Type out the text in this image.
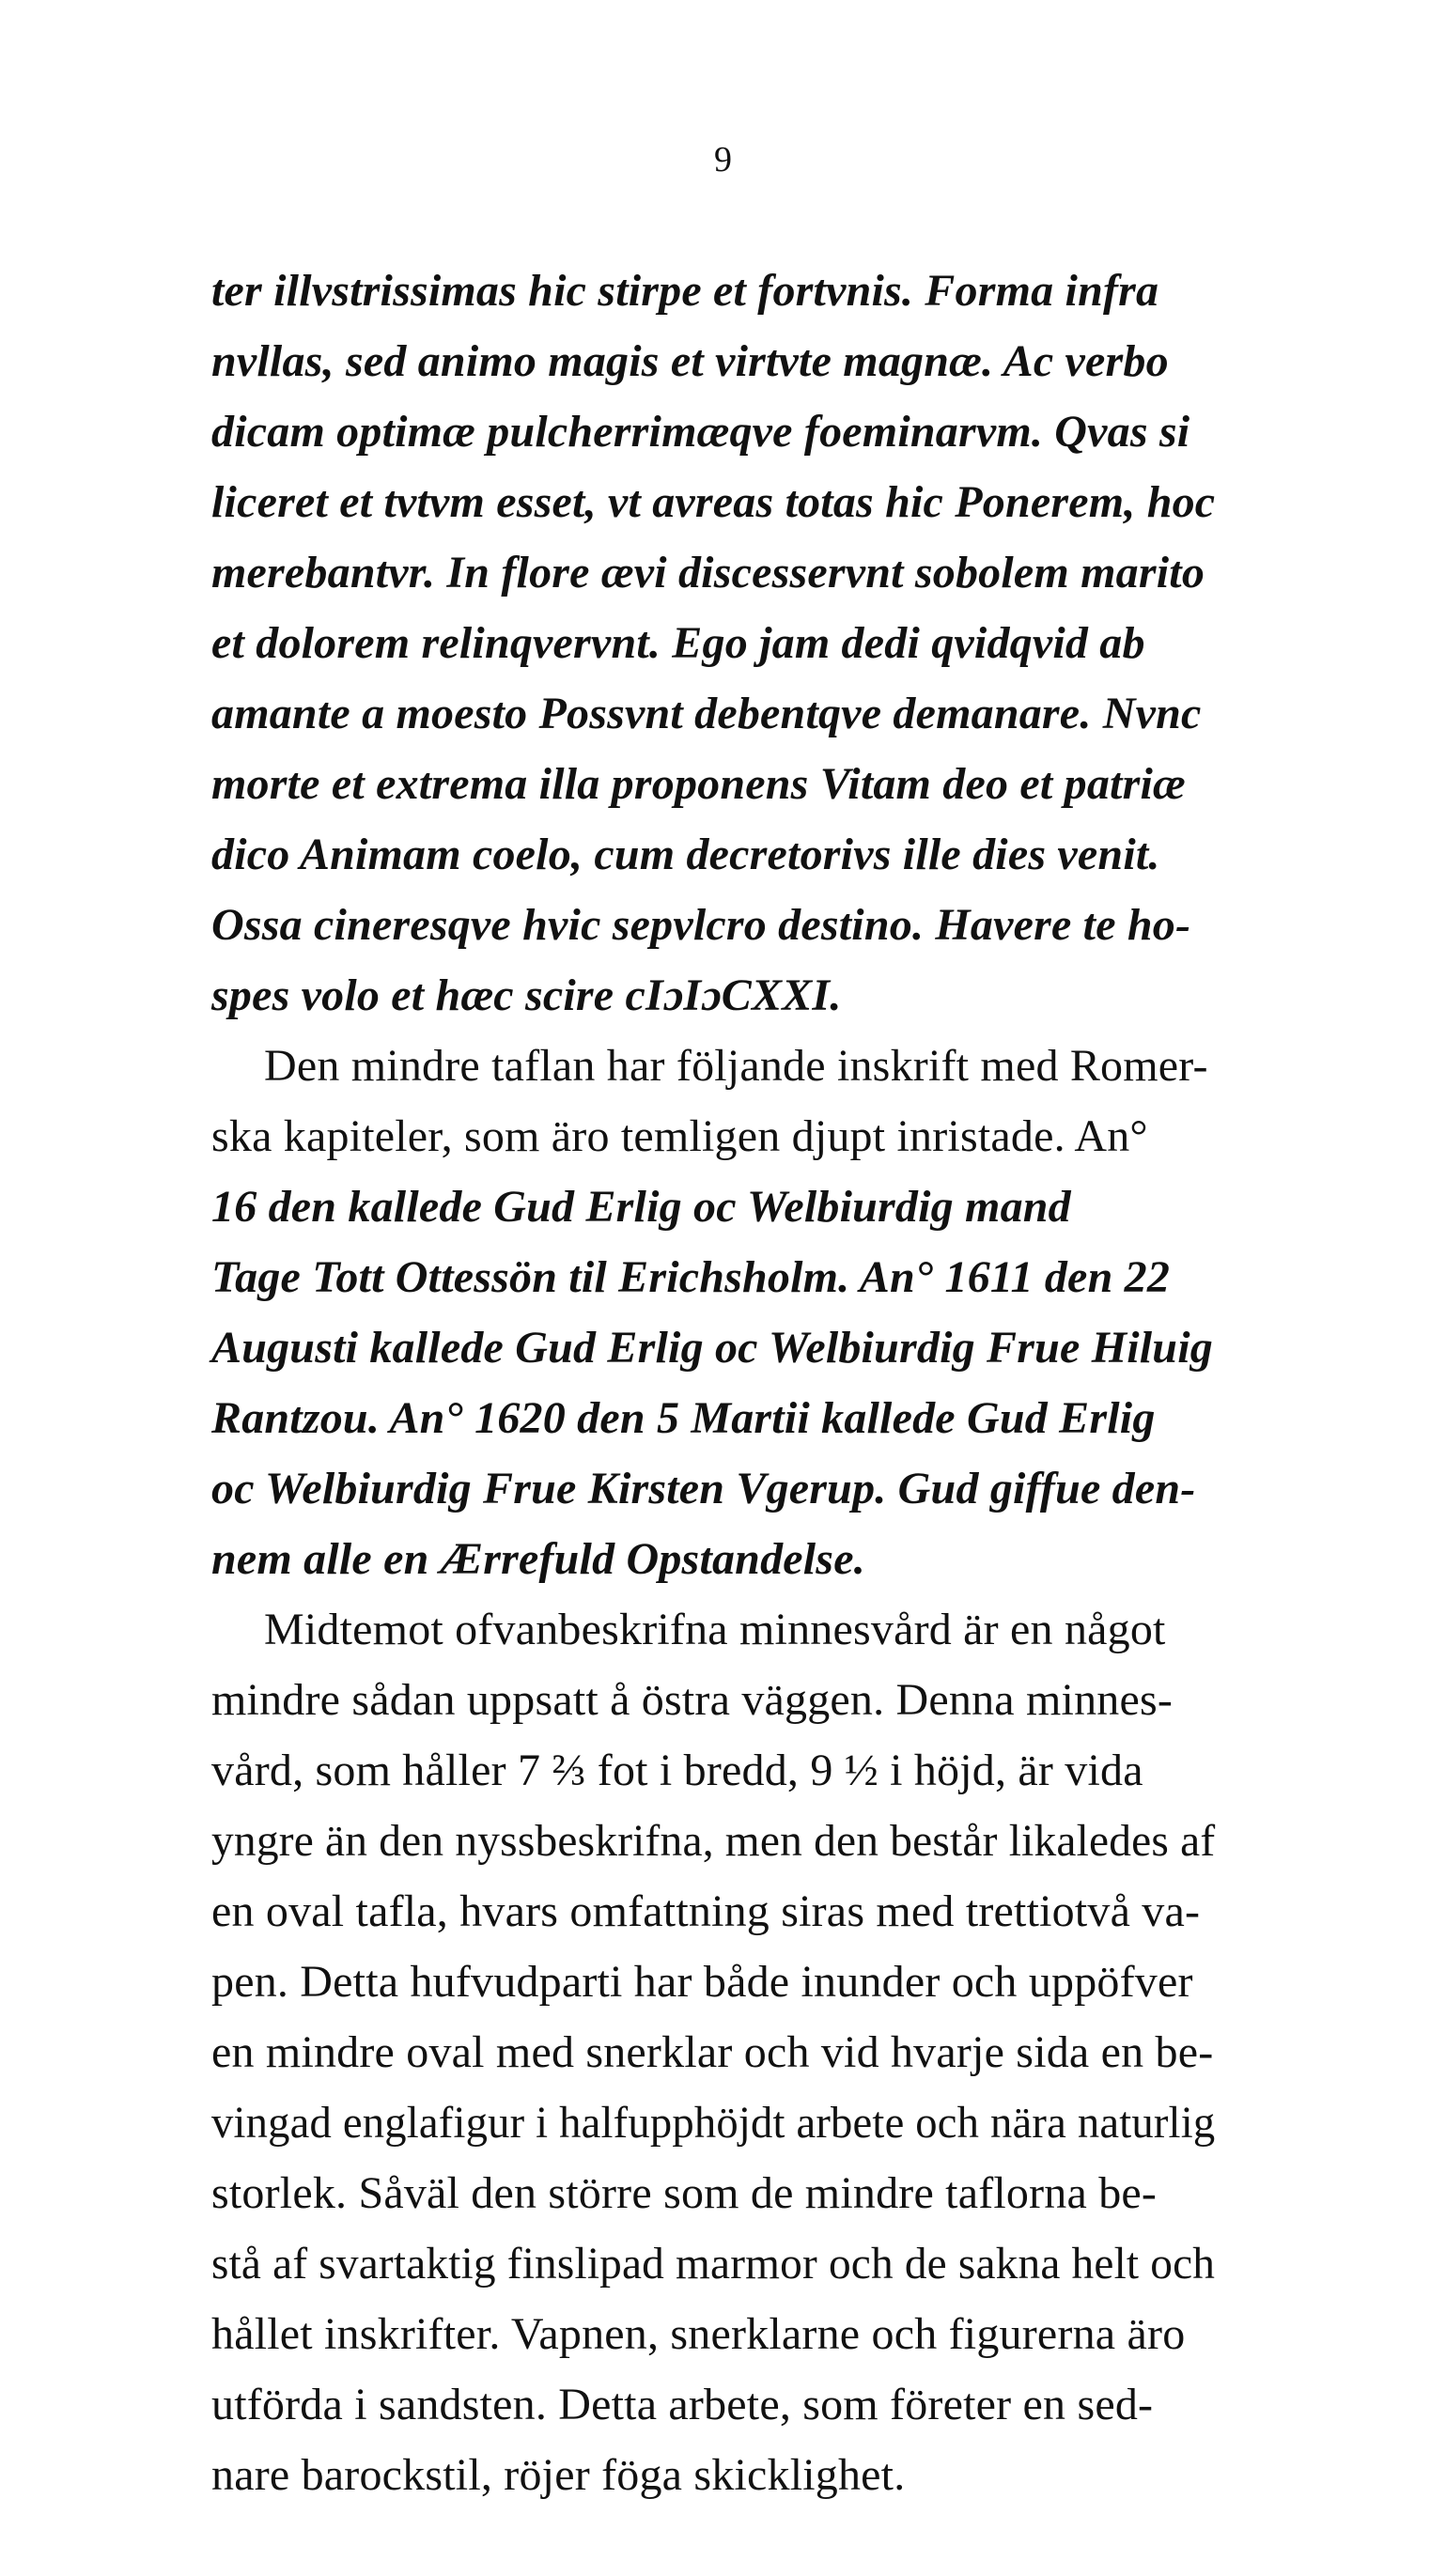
9
ter illvstrissimas hic stirpe et fortvnis. Forma infra
nvllas, sed animo magis et virtvte magnæ. Ac verbo
dicam optimæ pulcherrimæqve foeminarvm. Qvas si
liceret et tvtvm esset, vt avreas totas hic Ponerem, hoc
merebantvr. In flore ævi discesservnt sobolem marito
et dolorem relinqvervnt. Ego jam dedi qvidqvid ab
amante a moesto Possvnt debentqve demanare. Nvnc
morte et extrema illa proponens Vitam deo et patriæ
dico Animam coelo, cum decretorivs ille dies venit.
Ossa cineresqve hvic sepvlcro destino. Havere te ho-
spes volo et hæc scire cIɔIɔCXXI.
Den mindre taflan har följande inskrift med Romer-
ska kapiteler, som äro temligen djupt inristade. An°
16 den kallede Gud Erlig oc Welbiurdig mand
Tage Tott Ottessön til Erichsholm. An° 1611 den 22
Augusti kallede Gud Erlig oc Welbiurdig Frue Hiluig
Rantzou. An° 1620 den 5 Martii kallede Gud Erlig
oc Welbiurdig Frue Kirsten Vgerup. Gud giffue den-
nem alle en Ærrefuld Opstandelse.
Midtemot ofvanbeskrifna minnesvård är en något
mindre sådan uppsatt å östra väggen. Denna minnes-
vård, som håller 7 ⅔ fot i bredd, 9 ½ i höjd, är vida
yngre än den nyssbeskrifna, men den består likaledes af
en oval tafla, hvars omfattning siras med trettiotvå va-
pen. Detta hufvudparti har både inunder och uppöfver
en mindre oval med snerklar och vid hvarje sida en be-
vingad englafigur i halfupphöjdt arbete och nära naturlig
storlek. Såväl den större som de mindre taflorna be-
stå af svartaktig finslipad marmor och de sakna helt och
hållet inskrifter. Vapnen, snerklarne och figurerna äro
utförda i sandsten. Detta arbete, som företer en sed-
nare barockstil, röjer föga skicklighet.
